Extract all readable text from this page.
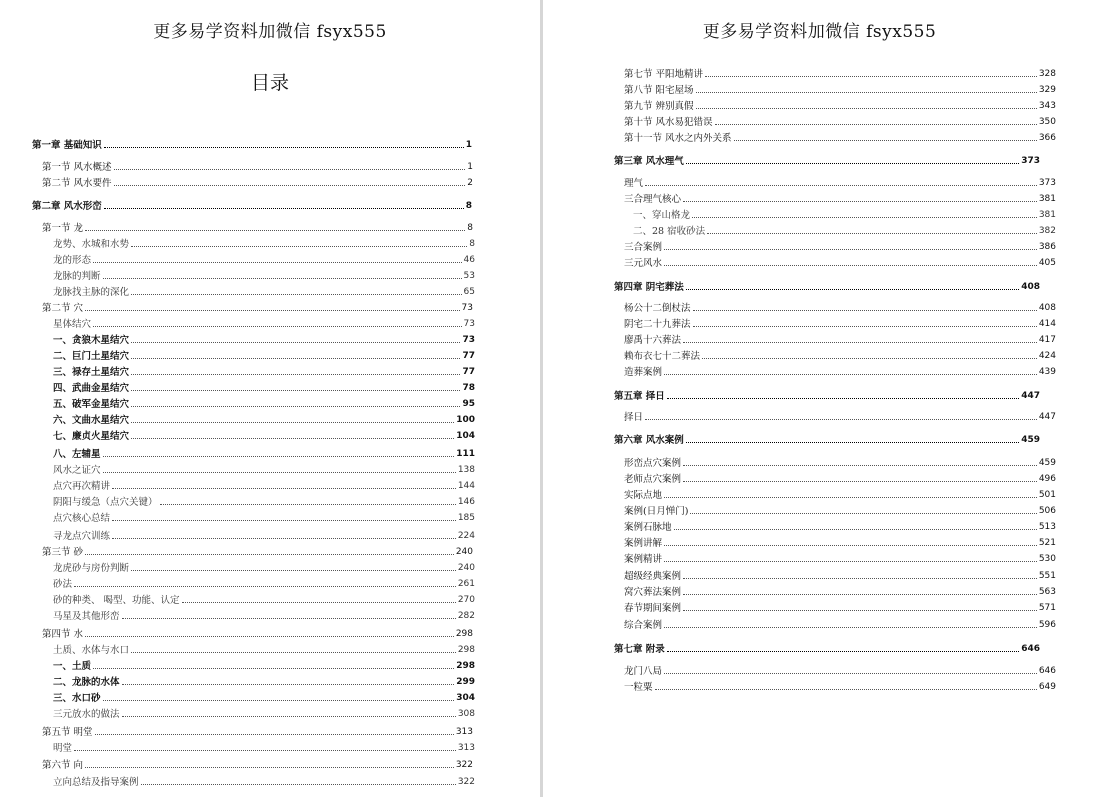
更多易学资料加微信 fsyx555
目录
第一章 基础知识	1
第一节 风水概述	1
第二节 风水要件	2
第二章 风水形峦	8
第一节 龙	8
龙势、水城和水势	8
龙的形态	46
龙脉的判断	53
龙脉找主脉的深化	65
第二节 穴	73
星体结穴	73
一、贪狼木星结穴	73
二、巨门土星结穴	77
三、禄存土星结穴	77
四、武曲金星结穴	78
五、破军金星结穴	95
六、文曲水星结穴	100
七、廉贞火星结穴	104
八、左辅星	111
风水之证穴	138
点穴再次精讲	144
阴阳与缓急（点穴关键）	146
点穴核心总结	185
寻龙点穴训练	224
第三节 砂	240
龙虎砂与房份判断	240
砂法	261
砂的种类、 喝型、功能、认定	270
马星及其他形峦	282
第四节 水	298
土质、水体与水口	298
一、土质	298
二、龙脉的水体	299
三、水口砂	304
三元放水的做法	308
第五节 明堂	313
明堂	313
第六节 向	322
立向总结及指导案例	322
更多易学资料加微信 fsyx555
第七节 平阳地精讲	328
第八节 阳宅屋场	329
第九节 辨别真假	343
第十节 风水易犯错误	350
第十一节 风水之内外关系	366
第三章 风水理气	373
理气	373
三合理气核心	381
一、穿山格龙	381
二、28 宿收砂法	382
三合案例	386
三元风水	405
第四章 阴宅葬法	408
杨公十二倒杖法	408
阴宅二十九葬法	414
廖禹十六葬法	417
赖布衣七十二葬法	424
造葬案例	439
第五章 择日	447
择日	447
第六章 风水案例	459
形峦点穴案例	459
老师点穴案例	496
实际点地	501
案例(日月惮门)	506
案例石脉地	513
案例讲解	521
案例精讲	530
超级经典案例	551
窝穴葬法案例	563
春节期间案例	571
综合案例	596
第七章 附录	646
龙门八局	646
一粒粟	649
